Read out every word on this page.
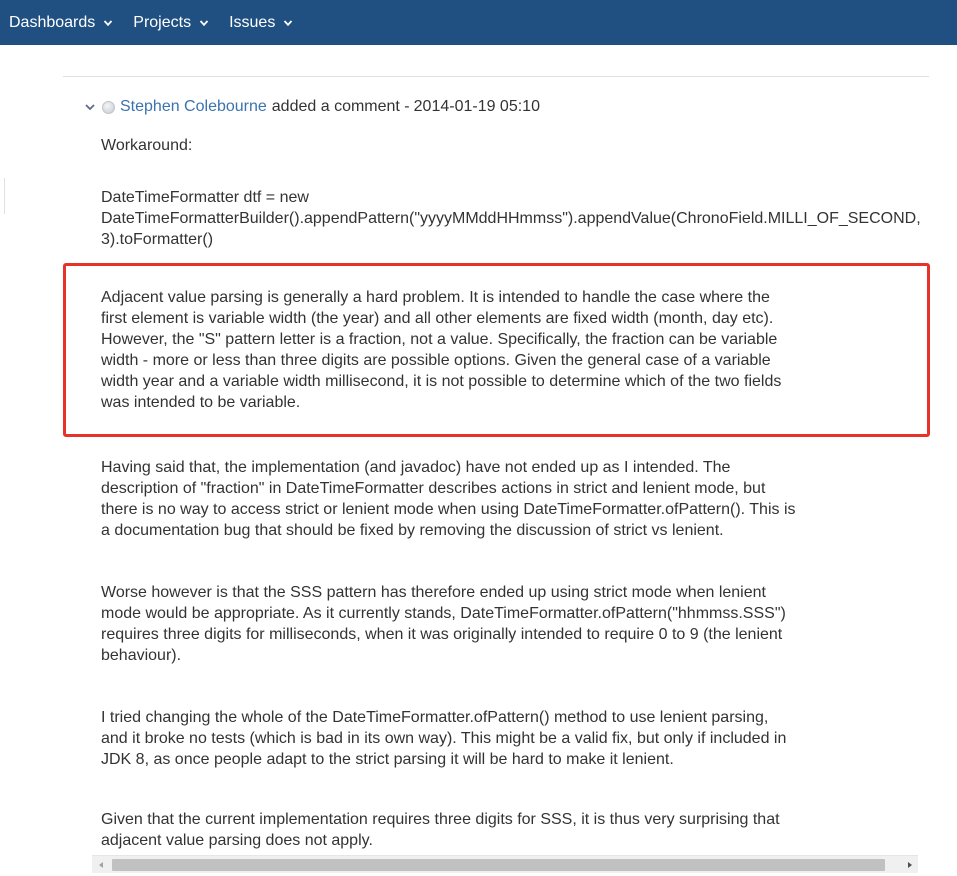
Dashboards Projects Issues
Stephen Colebourne added a comment - 2014-01-19 05:10

Workaround:

DateTimeFormatter dtf = new
DateTimeFormatterBuilder().appendPattern("yyyyMMddHHmmss").appendValue(ChronoField.MILLI_OF_SECOND,
3).toFormatter()
Adjacent value parsing is generally a hard problem. It is intended to handle the case where the
first element is variable width (the year) and all other elements are fixed width (month, day etc).
However, the "S" pattern letter is a fraction, not a value. Specifically, the fraction can be variable
width - more or less than three digits are possible options. Given the general case of a variable
width year and a variable width millisecond, it is not possible to determine which of the two fields
was intended to be variable.
Having said that, the implementation (and javadoc) have not ended up as I intended. The
description of "fraction" in DateTimeFormatter describes actions in strict and lenient mode, but
there is no way to access strict or lenient mode when using DateTimeFormatter.ofPattern(). This is
a documentation bug that should be fixed by removing the discussion of strict vs lenient.
Worse however is that the SSS pattern has therefore ended up using strict mode when lenient
mode would be appropriate. As it currently stands, DateTimeFormatter.ofPattern("hhmmss.SSS")
requires three digits for milliseconds, when it was originally intended to require 0 to 9 (the lenient
behaviour).
I tried changing the whole of the DateTimeFormatter.ofPattern() method to use lenient parsing,
and it broke no tests (which is bad in its own way). This might be a valid fix, but only if included in
JDK 8, as once people adapt to the strict parsing it will be hard to make it lenient.
Given that the current implementation requires three digits for SSS, it is thus very surprising that
adjacent value parsing does not apply.
